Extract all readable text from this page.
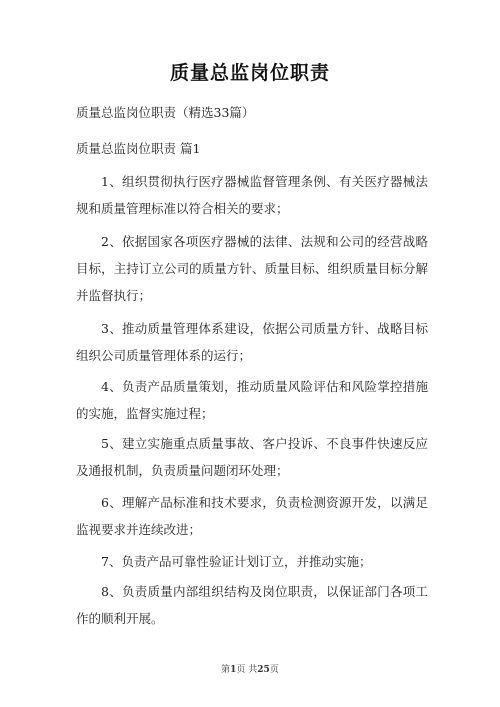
质量总监岗位职责
质量总监岗位职责（精选33篇）
质量总监岗位职责 篇1
1、组织贯彻执行医疗器械监督管理条例、有关医疗器械法规和质量管理标准以符合相关的要求；
2、依据国家各项医疗器械的法律、法规和公司的经营战略目标，主持订立公司的质量方针、质量目标、组织质量目标分解并监督执行；
3、推动质量管理体系建设，依据公司质量方针、战略目标组织公司质量管理体系的运行；
4、负责产品质量策划，推动质量风险评估和风险掌控措施的实施，监督实施过程；
5、建立实施重点质量事故、客户投诉、不良事件快速反应及通报机制，负责质量问题闭环处理；
6、理解产品标准和技术要求，负责检测资源开发，以满足监视要求并连续改进；
7、负责产品可靠性验证计划订立，并推动实施；
8、负责质量内部组织结构及岗位职责，以保证部门各项工作的顺利开展。
第1页 共25页
